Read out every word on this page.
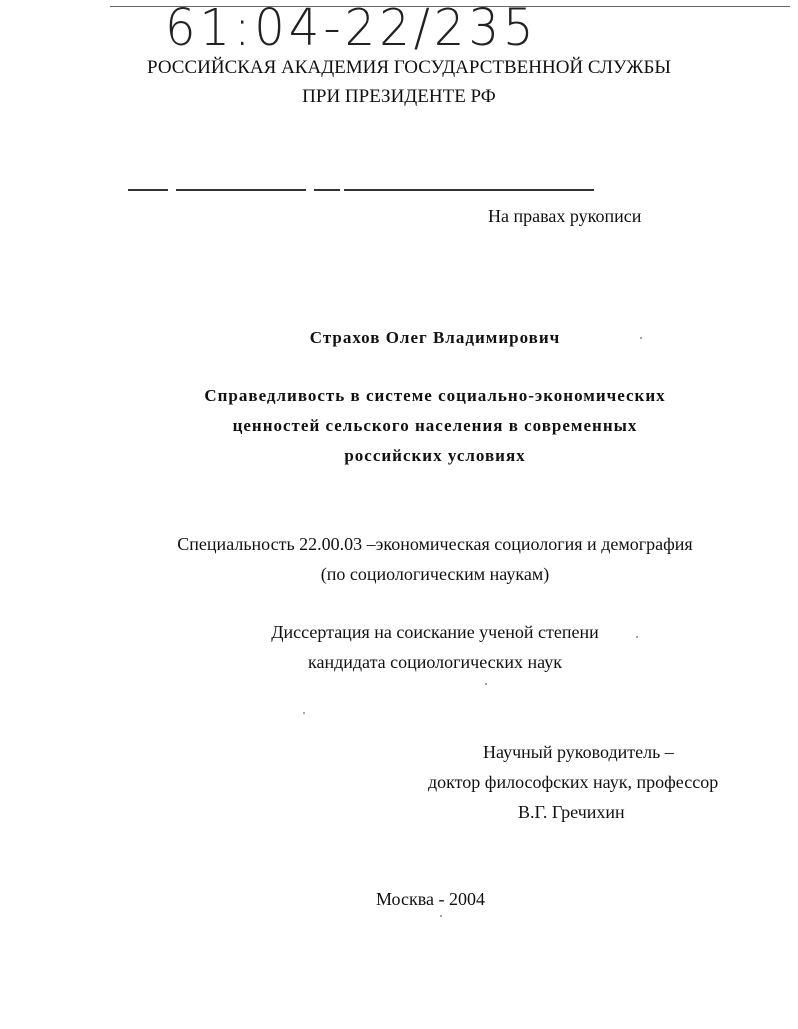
61:04-22/235
РОССИЙСКАЯ АКАДЕМИЯ ГОСУДАРСТВЕННОЙ СЛУЖБЫ
ПРИ ПРЕЗИДЕНТЕ РФ
На правах рукописи
Страхов Олег Владимирович
Справедливость в системе социально-экономических
ценностей сельского населения в современных
российских условиях
Специальность 22.00.03 –экономическая социология и демография
(по социологическим наукам)
Диссертация на соискание ученой степени
кандидата социологических наук
Научный руководитель –
доктор философских наук, профессор
В.Г. Гречихин
Москва - 2004
